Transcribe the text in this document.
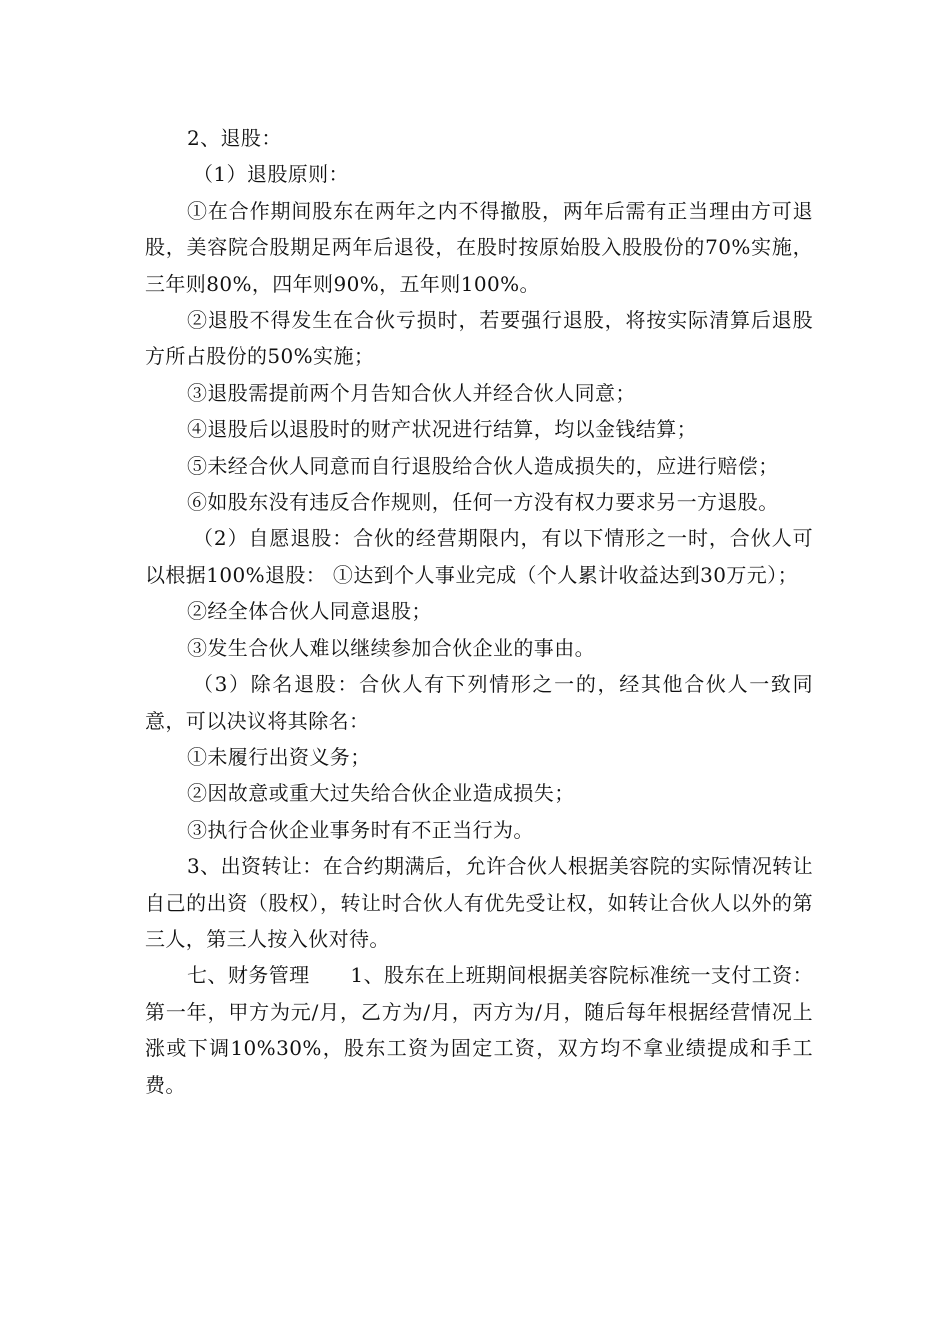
2、退股：

（1）退股原则：

①在合作期间股东在两年之内不得撤股，两年后需有正当理由方可退股，美容院合股期足两年后退役，在股时按原始股入股股份的70%实施，三年则80%，四年则90%，五年则100%。

②退股不得发生在合伙亏损时，若要强行退股，将按实际清算后退股方所占股份的50%实施；

③退股需提前两个月告知合伙人并经合伙人同意；

④退股后以退股时的财产状况进行结算，均以金钱结算；

⑤未经合伙人同意而自行退股给合伙人造成损失的，应进行赔偿；

⑥如股东没有违反合作规则，任何一方没有权力要求另一方退股。

（2）自愿退股：合伙的经营期限内，有以下情形之一时，合伙人可以根据100%退股： ①达到个人事业完成（个人累计收益达到30万元）；

②经全体合伙人同意退股；

③发生合伙人难以继续参加合伙企业的事由。

（3）除名退股：合伙人有下列情形之一的，经其他合伙人一致同意，可以决议将其除名：

①未履行出资义务；

②因故意或重大过失给合伙企业造成损失；

③执行合伙企业事务时有不正当行为。

3、出资转让：在合约期满后，允许合伙人根据美容院的实际情况转让自己的出资（股权），转让时合伙人有优先受让权，如转让合伙人以外的第三人，第三人按入伙对待。

七、财务管理　　1、股东在上班期间根据美容院标准统一支付工资：第一年，甲方为元/月，乙方为/月，丙方为/月，随后每年根据经营情况上涨或下调10%30%，股东工资为固定工资，双方均不拿业绩提成和手工费。
